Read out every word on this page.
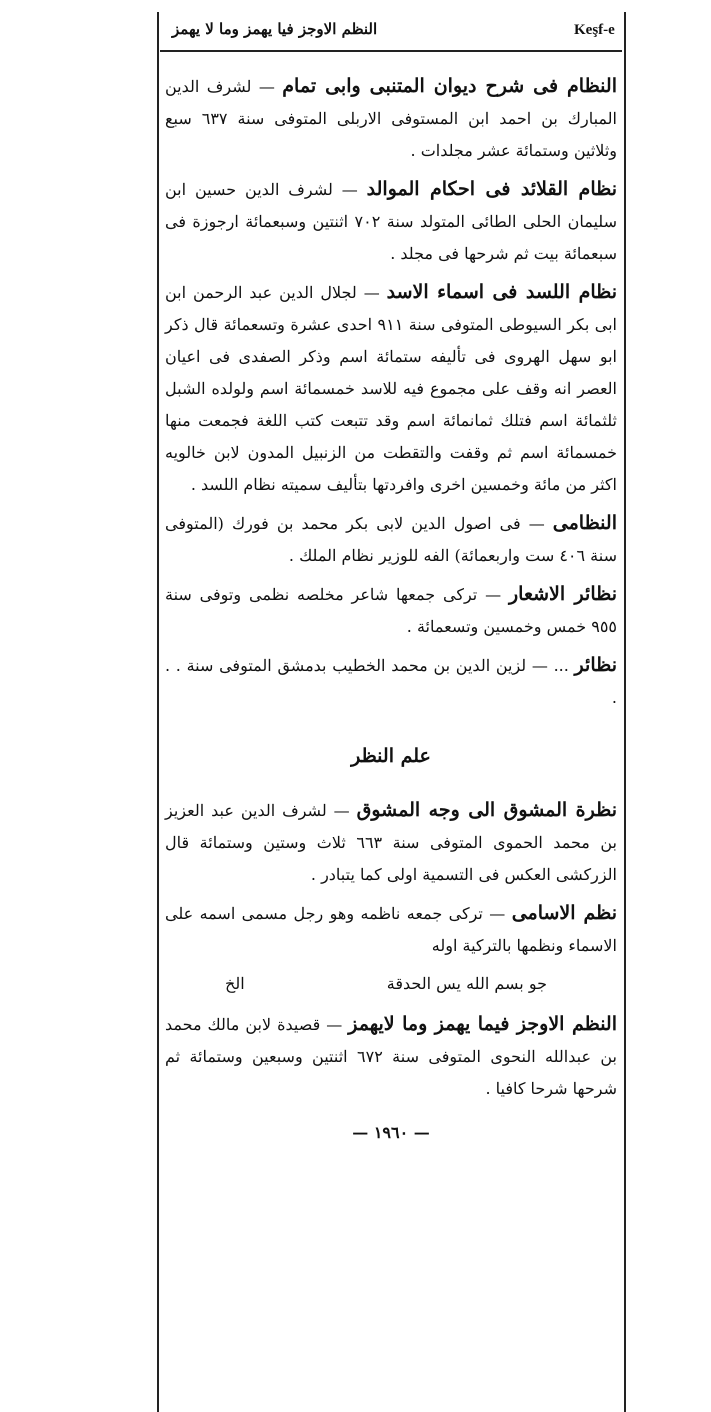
النظم الاوجز فيا يهمز وما لا يهمز	Keşf-e

النظام فى شرح ديوان المتنبى وابى تمام — لشرف الدين المبارك بن احمد ابن المستوفى الاربلى المتوفى سنة ٦٣٧ سبع وثلاثين وستمائة عشر مجلدات .

نظام القلائد فى احكام الموالد — لشرف الدين حسين ابن سليمان الحلى الطائى المتولد سنة ٧٠٢ اثنتين وسبعمائة ارجوزة فى سبعمائة بيت ثم شرحها فى مجلد .

نظام اللسد فى اسماء الاسد — لجلال الدين عبد الرحمن ابن ابى بكر السيوطى المتوفى سنة ٩١١ احدى عشرة وتسعمائة قال ذكر ابو سهل الهروى فى تأليفه ستمائة اسم وذكر الصفدى فى اعيان العصر انه وقف على مجموع فيه للاسد خمسمائة اسم ولولده الشبل ثلثمائة اسم فتلك ثمانمائة اسم وقد تتبعت كتب اللغة فجمعت منها خمسمائة اسم ثم وقفت والتقطت من الزنبيل المدون لابن خالويه اكثر من مائة وخمسين اخرى وافردتها بتأليف سميته نظام اللسد .

النظامى — فى اصول الدين لابى بكر محمد بن فورك (المتوفى سنة ٤٠٦ ست واربعمائة) الفه للوزير نظام الملك .

نظائر الاشعار — تركى جمعها شاعر مخلصه نظمى وتوفى سنة ٩٥٥ خمس وخمسين وتسعمائة .

نظائر ... — لزين الدين بن محمد الخطيب بدمشق المتوفى سنة . . .

علم النظر

نظرة المشوق الى وجه المشوق — لشرف الدين عبد العزيز بن محمد الحموى المتوفى سنة ٦٦٣ ثلاث وستين وستمائة قال الزركشى العكس فى التسمية اولى كما يتبادر .

نظم الاسامى — تركى جمعه ناظمه وهو رجل مسمى اسمه على الاسماء ونظمها بالتركية اوله

جو بسم الله يس الحدقة
الخ

النظم الاوجز فيما يهمز وما لايهمز — قصيدة لابن مالك محمد بن عبدالله النحوى المتوفى سنة ٦٧٢ اثنتين وسبعين وستمائة ثم شرحها شرحا كافيا .

— ١٩٦٠ —
